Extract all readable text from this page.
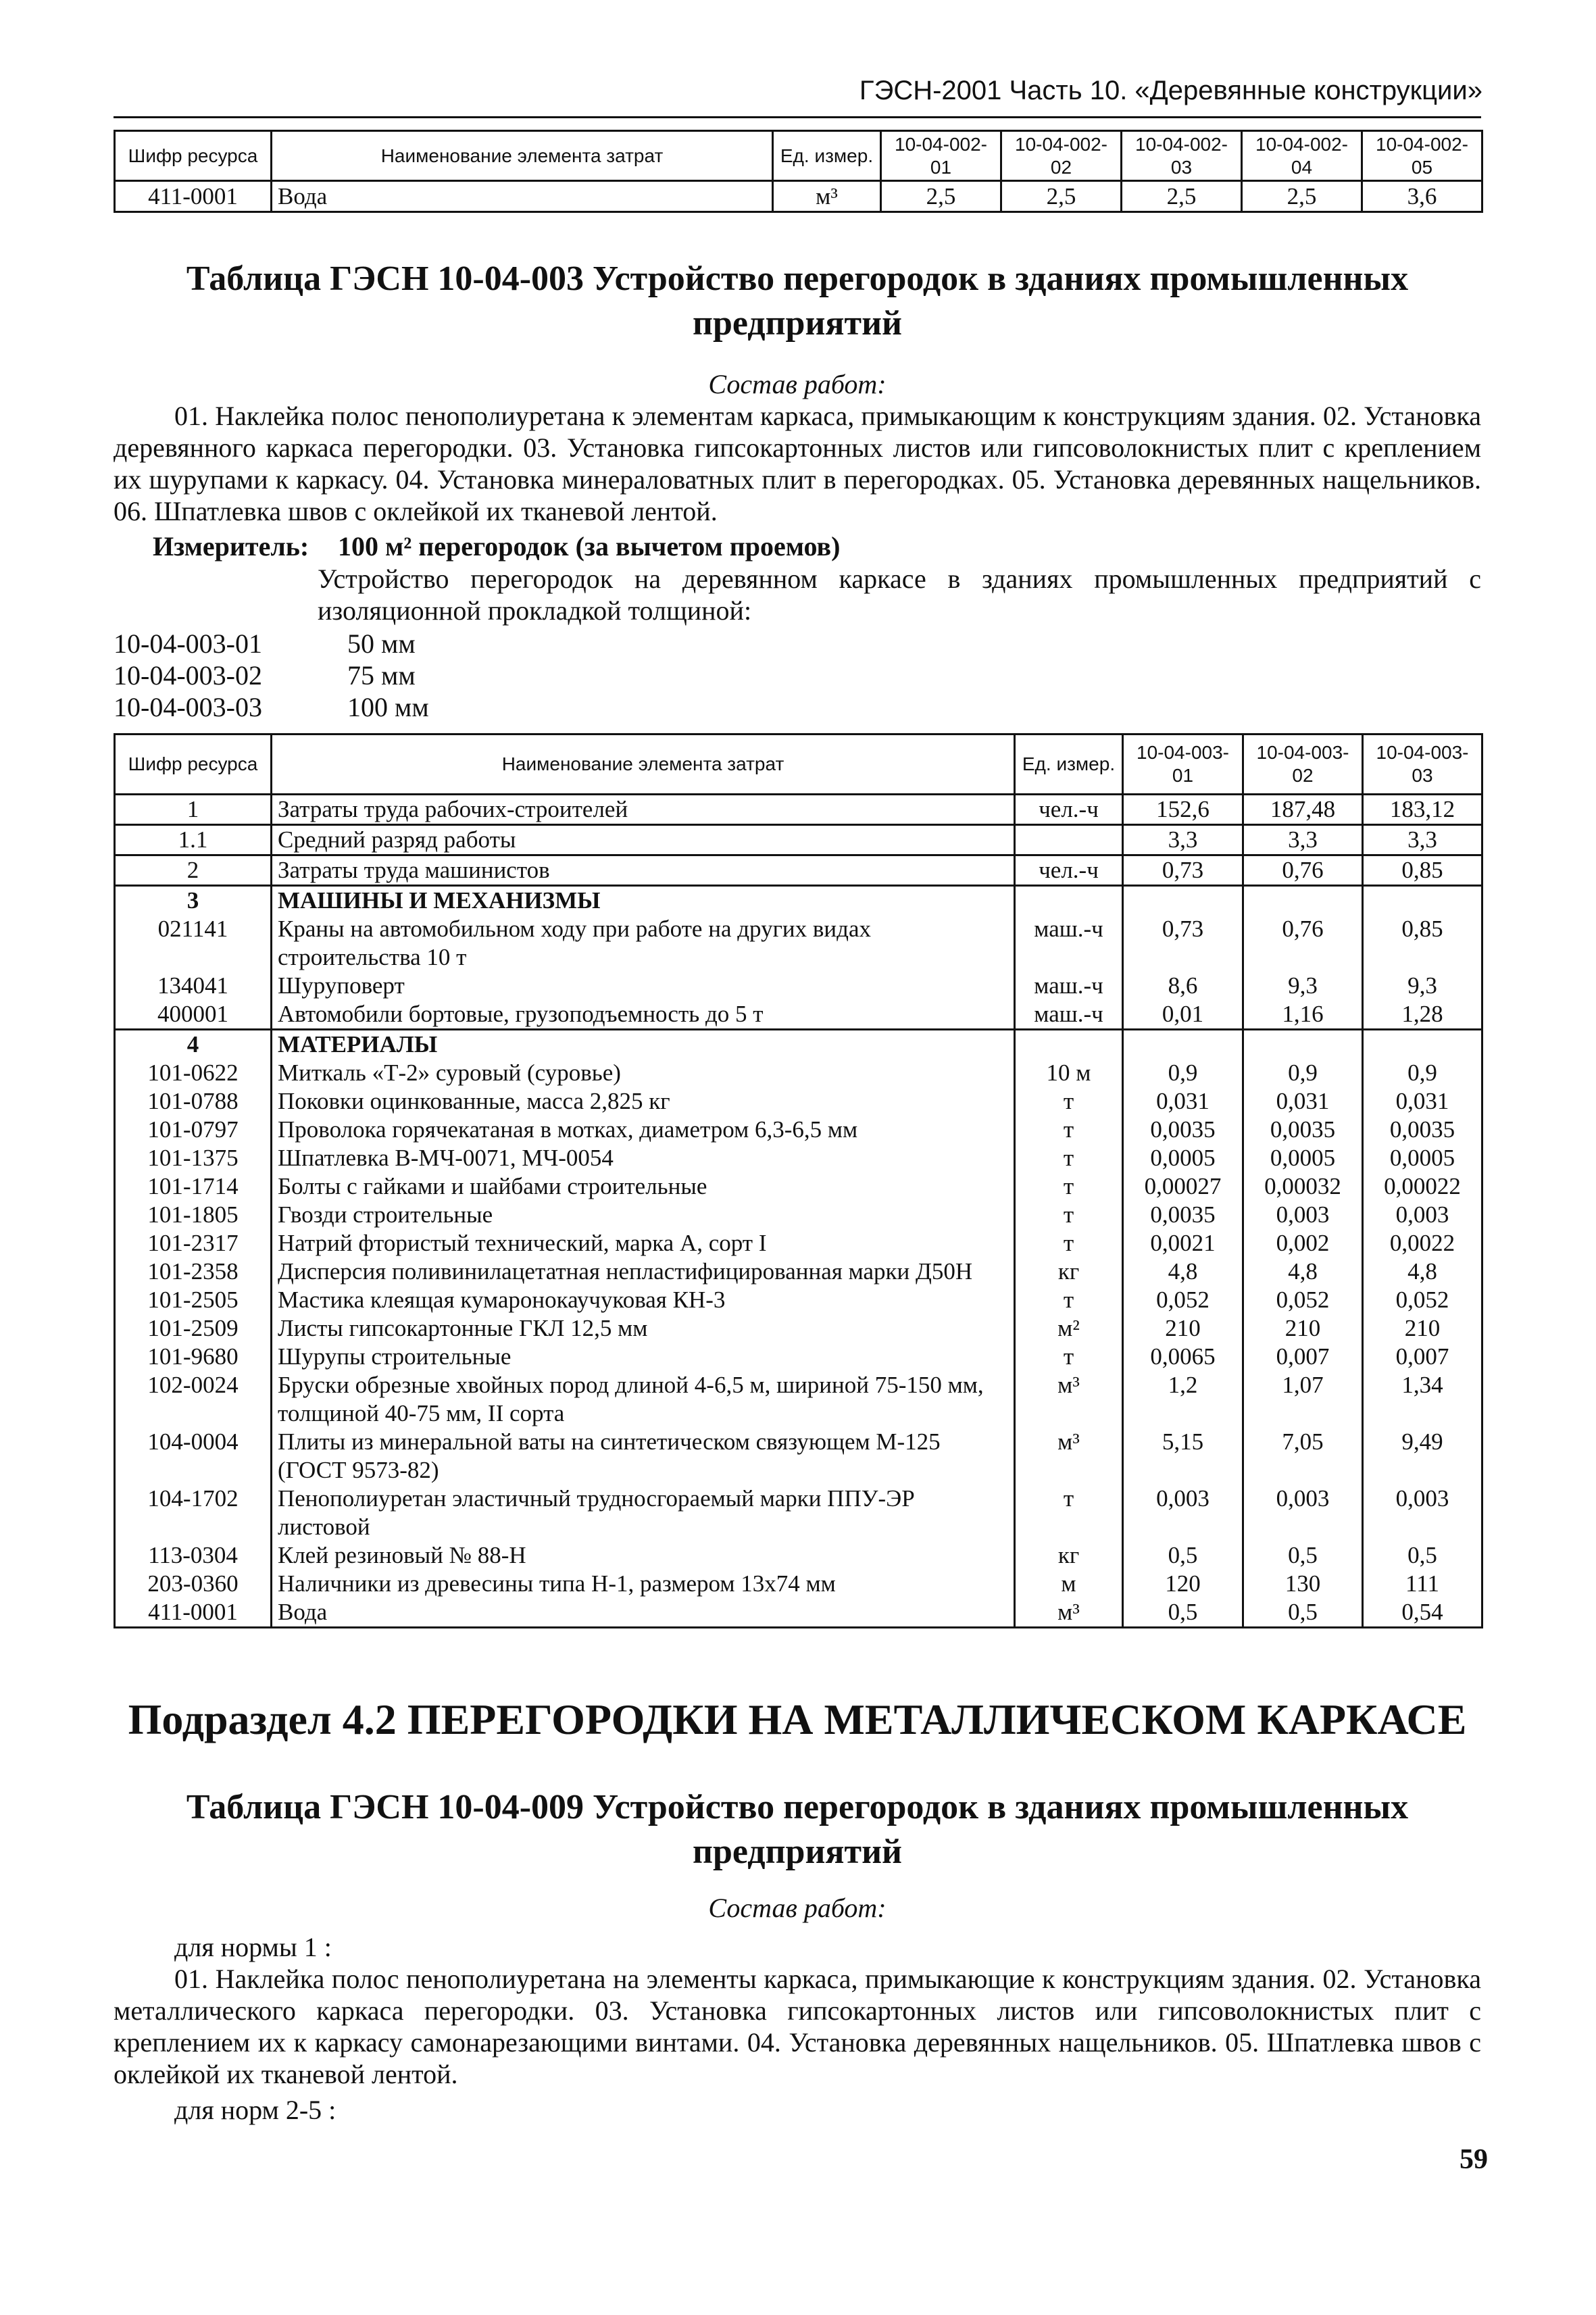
ГЭСН-2001 Часть 10. «Деревянные конструкции»
Шифр ресурса	Наименование элемента затрат	Ед. измер.	10-04-002-01	10-04-002-02	10-04-002-03	10-04-002-04	10-04-002-05
411-0001	Вода	м³	2,5	2,5	2,5	2,5	3,6
Таблица ГЭСН 10-04-003 Устройство перегородок в зданиях промышленных предприятий
Состав работ:
01. Наклейка полос пенополиуретана к элементам каркаса, примыкающим к конструкциям здания. 02. Установка деревянного каркаса перегородки. 03. Установка гипсокартонных листов или гипсоволокнистых плит с креплением их шурупами к каркасу. 04. Установка минераловатных плит в перегородках. 05. Установка деревянных нащельников. 06. Шпатлевка швов с оклейкой их тканевой лентой.
Измеритель: 100 м² перегородок (за вычетом проемов)
Устройство перегородок на деревянном каркасе в зданиях промышленных предприятий с изоляционной прокладкой толщиной:
10-04-003-01	50 мм
10-04-003-02	75 мм
10-04-003-03	100 мм
Шифр ресурса	Наименование элемента затрат	Ед. измер.	10-04-003-01	10-04-003-02	10-04-003-03
1	Затраты труда рабочих-строителей	чел.-ч	152,6	187,48	183,12
1.1	Средний разряд работы		3,3	3,3	3,3
2	Затраты труда машинистов	чел.-ч	0,73	0,76	0,85
3	МАШИНЫ И МЕХАНИЗМЫ				
021141	Краны на автомобильном ходу при работе на других видах строительства 10 т	маш.-ч	0,73	0,76	0,85
134041	Шуруповерт	маш.-ч	8,6	9,3	9,3
400001	Автомобили бортовые, грузоподъемность до 5 т	маш.-ч	0,01	1,16	1,28
4	МАТЕРИАЛЫ				
101-0622	Миткаль «Т-2» суровый (суровье)	10 м	0,9	0,9	0,9
101-0788	Поковки оцинкованные, масса 2,825 кг	т	0,031	0,031	0,031
101-0797	Проволока горячекатаная в мотках, диаметром 6,3-6,5 мм	т	0,0035	0,0035	0,0035
101-1375	Шпатлевка В-МЧ-0071, МЧ-0054	т	0,0005	0,0005	0,0005
101-1714	Болты с гайками и шайбами строительные	т	0,00027	0,00032	0,00022
101-1805	Гвозди строительные	т	0,0035	0,003	0,003
101-2317	Натрий фтористый технический, марка А, сорт I	т	0,0021	0,002	0,0022
101-2358	Дисперсия поливинилацетатная непластифицированная марки Д50Н	кг	4,8	4,8	4,8
101-2505	Мастика клеящая кумаронокаучуковая КН-3	т	0,052	0,052	0,052
101-2509	Листы гипсокартонные ГКЛ 12,5 мм	м²	210	210	210
101-9680	Шурупы строительные	т	0,0065	0,007	0,007
102-0024	Бруски обрезные хвойных пород длиной 4-6,5 м, шириной 75-150 мм, толщиной 40-75 мм, II сорта	м³	1,2	1,07	1,34
104-0004	Плиты из минеральной ваты на синтетическом связующем М-125 (ГОСТ 9573-82)	м³	5,15	7,05	9,49
104-1702	Пенополиуретан эластичный трудносгораемый марки ППУ-ЭР листовой	т	0,003	0,003	0,003
113-0304	Клей резиновый № 88-Н	кг	0,5	0,5	0,5
203-0360	Наличники из древесины типа Н-1, размером 13х74 мм	м	120	130	111
411-0001	Вода	м³	0,5	0,5	0,54
Подраздел 4.2 ПЕРЕГОРОДКИ НА МЕТАЛЛИЧЕСКОМ КАРКАСЕ
Таблица ГЭСН 10-04-009 Устройство перегородок в зданиях промышленных предприятий
Состав работ:
для нормы 1 :
01. Наклейка полос пенополиуретана на элементы каркаса, примыкающие к конструкциям здания. 02. Установка металлического каркаса перегородки. 03. Установка гипсокартонных листов или гипсоволокнистых плит с креплением их к каркасу самонарезающими винтами. 04. Установка деревянных нащельников. 05. Шпатлевка швов с оклейкой их тканевой лентой.
для норм 2-5 :
59
